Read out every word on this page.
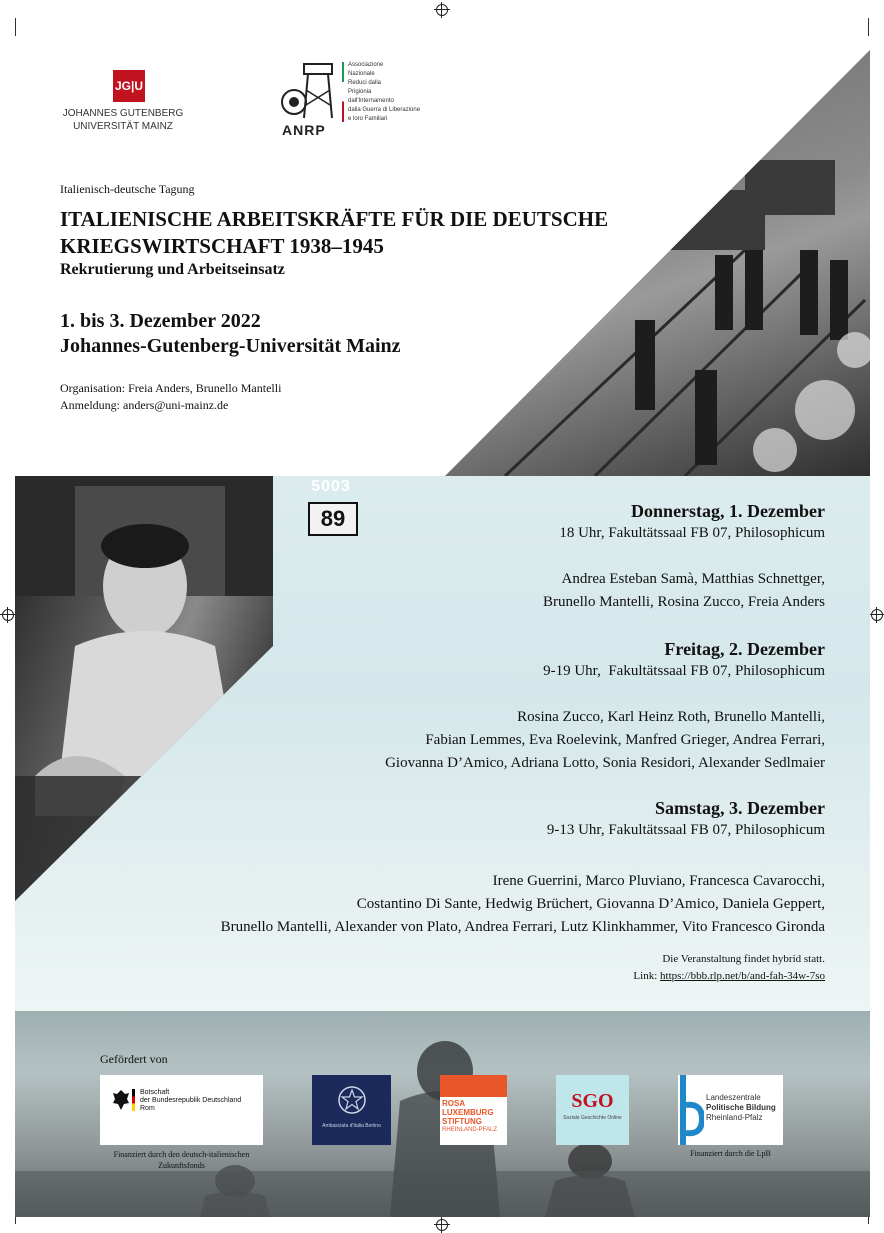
5003
89
JG|U
JOHANNES GUTENBERG
UNIVERSITÄT MAINZ	ANRP
Associazione
Nazionale
Reduci dalla
Prigionia
dall'Internamento
dalla Guerra di Liberazione
e loro Familiari
Italienisch-deutsche Tagung
ITALIENISCHE ARBEITSKRÄFTE FÜR DIE DEUTSCHE
KRIEGSWIRTSCHAFT 1938–1945
Rekrutierung und Arbeitseinsatz
1. bis 3. Dezember 2022
Johannes-Gutenberg-Universität Mainz
Organisation: Freia Anders, Brunello Mantelli
Anmeldung: anders@uni-mainz.de
Donnerstag, 1. Dezember
18 Uhr, Fakultätssaal FB 07, Philosophicum
Andrea Esteban Samà, Matthias Schnettger,
Brunello Mantelli, Rosina Zucco, Freia Anders
Freitag, 2. Dezember
9-19 Uhr,  Fakultätssaal FB 07, Philosophicum
Rosina Zucco, Karl Heinz Roth, Brunello Mantelli,
Fabian Lemmes, Eva Roelevink, Manfred Grieger, Andrea Ferrari,
Giovanna D’Amico, Adriana Lotto, Sonia Residori, Alexander Sedlmaier
Samstag, 3. Dezember
9-13 Uhr, Fakultätssaal FB 07, Philosophicum
Irene Guerrini, Marco Pluviano, Francesca Cavarocchi,
Costantino Di Sante, Hedwig Brüchert, Giovanna D’Amico, Daniela Geppert,
Brunello Mantelli, Alexander von Plato, Andrea Ferrari, Lutz Klinkhammer, Vito Francesco Gironda
Die Veranstaltung findet hybrid statt.
Link: https://bbb.rlp.net/b/and-fah-34w-7so
Gefördert von
Botschaft
der Bundesrepublik Deutschland
Rom
Finanziert durch den deutsch-italienischen Zukunftsfonds
Ambasciata d'Italia Berlino
ROSA
LUXEMBURG
STIFTUNG
RHEINLAND-PFALZ
SGO
Soziale Geschichte Online
Landeszentrale
Politische Bildung
Rheinland-Pfalz
Finanziert durch die LpB
